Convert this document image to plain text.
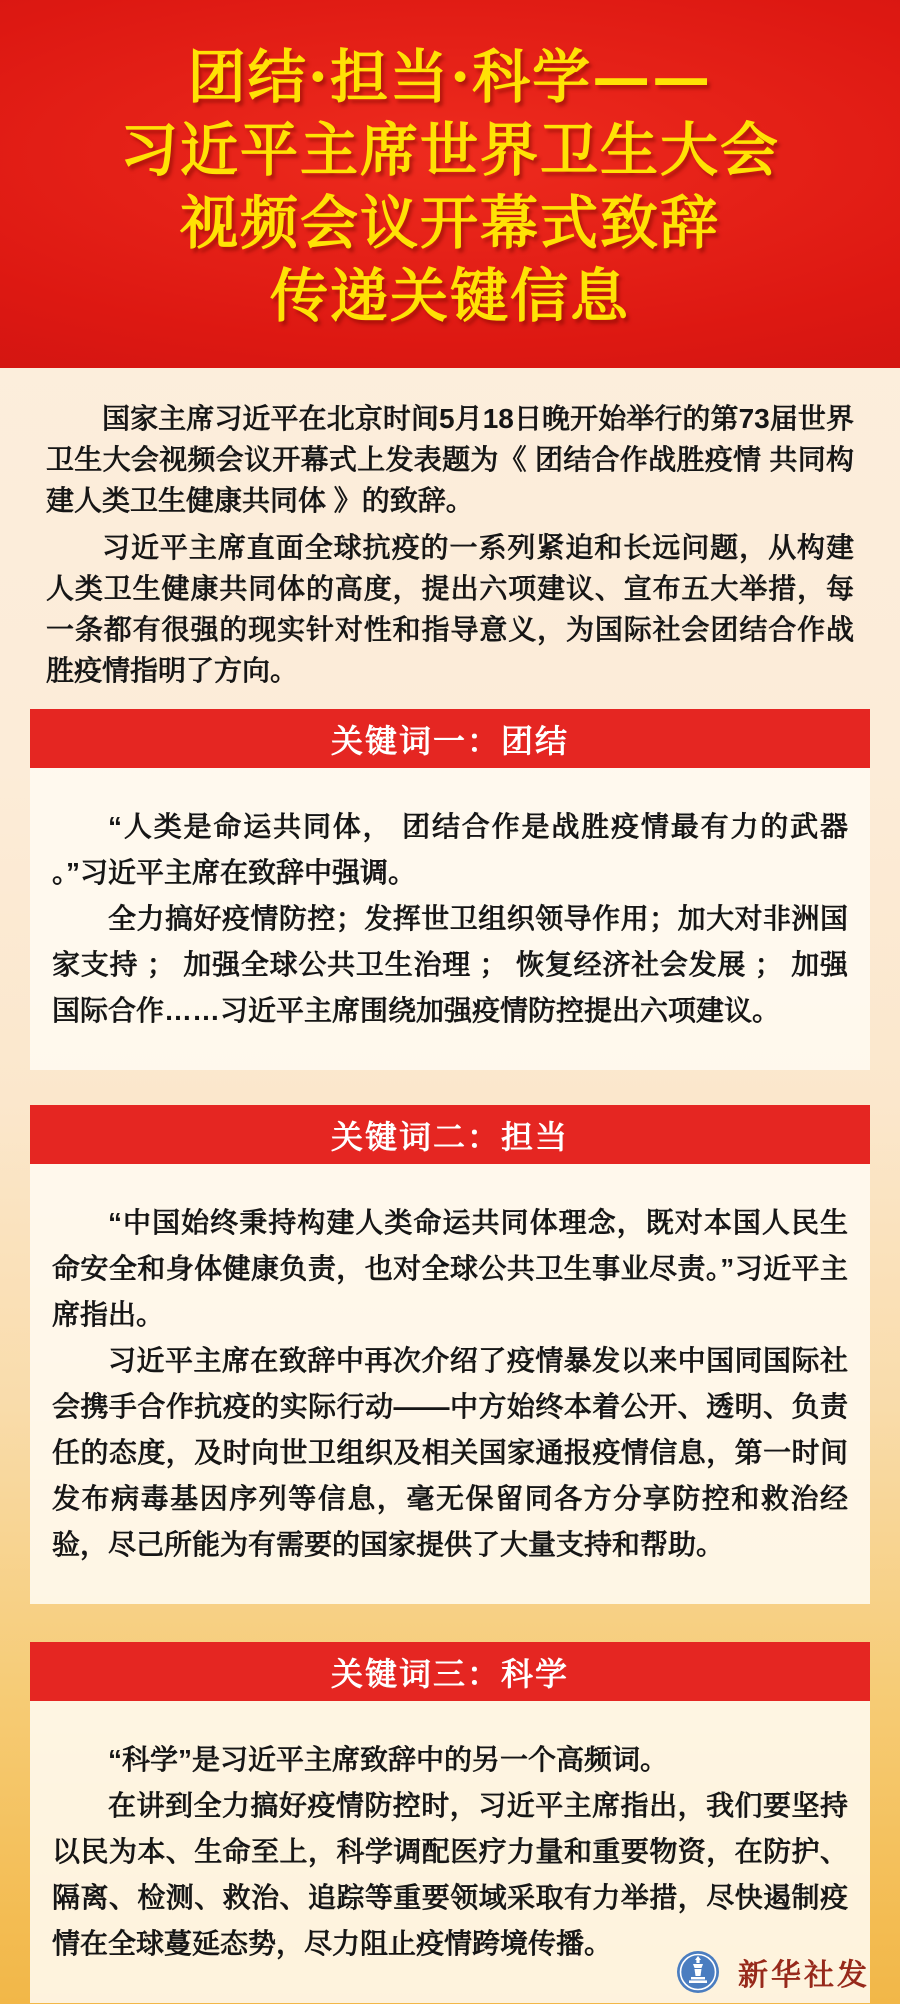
团结·担当·科学——
习近平主席世界卫生大会
视频会议开幕式致辞
传递关键信息

国家主席习近平在北京时间5月18日晚开始举行的第73届世界卫生大会视频会议开幕式上发表题为《 团结合作战胜疫情 共同构建人类卫生健康共同体 》的致辞。

习近平主席直面全球抗疫的一系列紧迫和长远问题，从构建人类卫生健康共同体的高度，提出六项建议、宣布五大举措，每一条都有很强的现实针对性和指导意义，为国际社会团结合作战胜疫情指明了方向。

关键词一：团结

“人类是命运共同体， 团结合作是战胜疫情最有力的武器 。”习近平主席在致辞中强调。

全力搞好疫情防控；发挥世卫组织领导作用；加大对非洲国家支持 ； 加强全球公共卫生治理 ； 恢复经济社会发展 ； 加强国际合作……习近平主席围绕加强疫情防控提出六项建议。

关键词二：担当

“中国始终秉持构建人类命运共同体理念，既对本国人民生命安全和身体健康负责，也对全球公共卫生事业尽责。”习近平主席指出。

习近平主席在致辞中再次介绍了疫情暴发以来中国同国际社会携手合作抗疫的实际行动——中方始终本着公开、透明、负责任的态度，及时向世卫组织及相关国家通报疫情信息，第一时间发布病毒基因序列等信息，毫无保留同各方分享防控和救治经验，尽己所能为有需要的国家提供了大量支持和帮助。

关键词三：科学

“科学”是习近平主席致辞中的另一个高频词。

在讲到全力搞好疫情防控时，习近平主席指出，我们要坚持以民为本、生命至上，科学调配医疗力量和重要物资，在防护、隔离、检测、救治、追踪等重要领域采取有力举措，尽快遏制疫情在全球蔓延态势，尽力阻止疫情跨境传播。

新华社发
